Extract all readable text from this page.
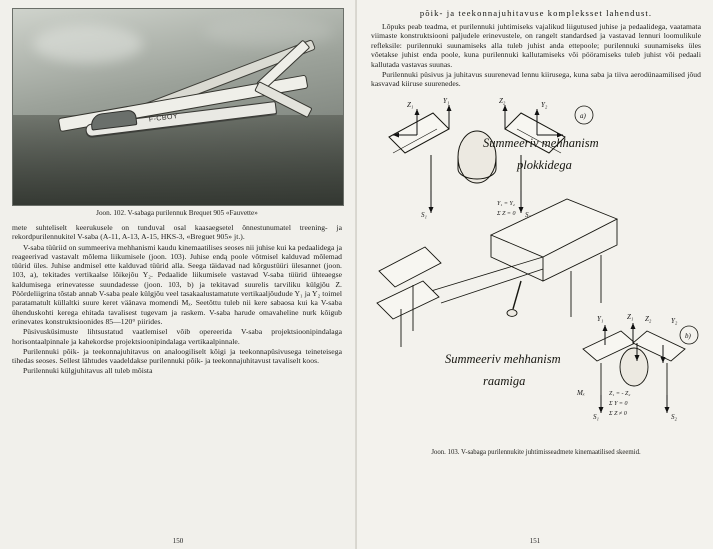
F-CBOY
Joon. 102. V-sabaga purilennuk Brequet 905 «Fauvette»

mete suhteliselt keerukusele on tunduval osal kaasaegsetel õnnestunumatel treening- ja rekordpurilennukitel V-saba (A-11, A-13, A-15, HKS-3, «Breguet 905» jt.).

V-saba tüüriid on summeeriva mehhanismi kaudu kinemaatilises seoses nii juhise kui ka pedaalidega ja reageerivad vastavalt mõlema liikumisele (joon. 103). Juhise endą poole võtmisel kalduvad mõlemad tüürid üles. Juhise andmisel ette kalduvad tüürid alla. Seega täidavad nad kõrgustüüri ülesannet (joon. 103, a), tekitades vertikaalse lõikejõu Y₂. Pedaalide liikumisele vastavad V-saba tüürid ühteaegse kaldumisega erinevatesse suundadesse (joon. 103, b) ja tekitavad suurelis tarviliku külgjõu Z. Pöördeliigrina tõstab annab V-saba peale külgjõu veel tasakaalustamatute vertikaaljõudude Y₁ ja Y₂ toimel paratamatult küllaltki suure keret väänava momendi Mₓ. Seetõttu tuleb nii kere sabaosa kui ka V-saba ühenduskohti kerega ehitada tavalisest tugevam ja raskem. V-saba harude omavaheline nurk kõigub erinevates konstruktsioonides 85—120° piirides.

Püsivusküsimuste lihtsustatud vaatlemisel võib opereerida V-saba projektsioonipindalaga horisontaalpinnale ja kahekordse projektsioonipindalaga vertikaalpinnale.

Purilennuki põik- ja teekonnajuhitavus on analoogiliselt kõigi ja teekonnapüsivusega teineteisega tihedas seoses. Sellest lähtudes vaadeldakse purilennuki põik- ja teekonnajuhitavust tavaliselt koos.

Purilennuki külgjuhitavus all tuleb mõista

150
põik- ja teekonnajuhitavuse kompleksset lahendust.

Lõpuks peab teadma, et purilennuki juhtimiseks vajalikud liigutused juhise ja pedaalidega, vaatamata viimaste konstruktsiooni paljudele erinevustele, on rangelt standardsed ja vastavad lennuri loomulikule refleksile: purilennuki suunamiseks alla tuleb juhist anda ettepoole; purilennuki suunamiseks üles võetakse juhist enda poole, kuna purilennuki kallutamiseks või pööramiseks tuleb juhist või pedaali kallutada vastavas suunas.

Purilennuki püsivus ja juhitavus suurenevad lennu kiirusega, kuna saba ja tiiva aerodünaamilised jõud kasvavad kiiruse suurenedes.

Z₁	Y₁	Z₂	Y₂
S₁	S₂
a)
Summeeriv mehhanism
plokkidega
Y₁ = Y₂
Σ Z = 0
Summeeriv mehhanism
raamiga
Y₁	Z₁ Z₂	Y₂
S₁	S₂
Mₓ	Z₁ = - Z₂
Σ Y = 0
Σ Z ≠ 0
b)
Joon. 103. V-sabaga purilennukite juhtimisseadmete kinemaatilised skeemid.
151
